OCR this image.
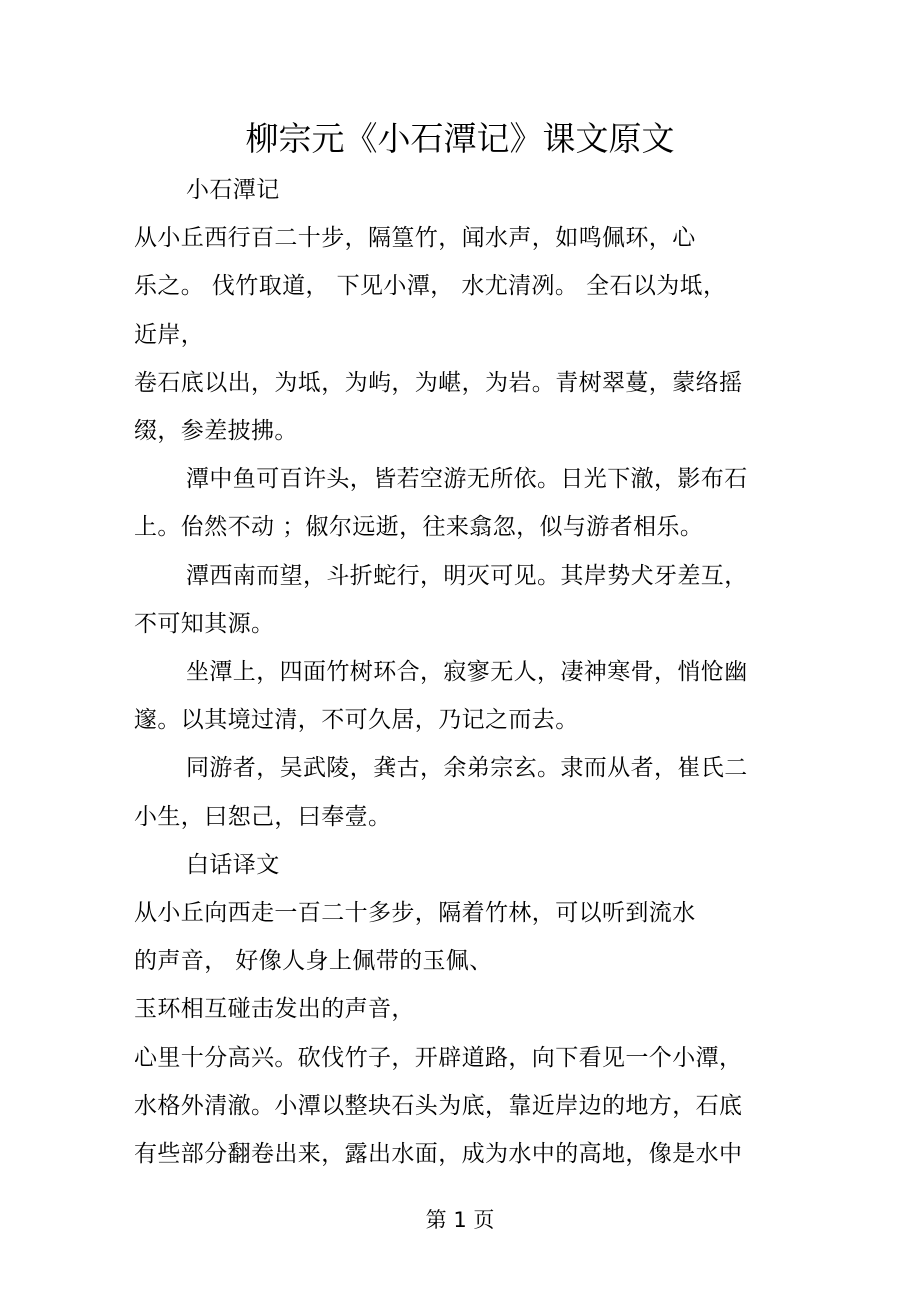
柳宗元《小石潭记》课文原文
小石潭记
从小丘西行百二十步，隔篁竹，闻水声，如鸣佩环，心
乐之。 伐竹取道， 下见小潭， 水尤清冽。 全石以为坻，
近岸，
卷石底以出，为坻，为屿，为嵁，为岩。青树翠蔓，蒙络摇
缀，参差披拂。
潭中鱼可百许头，皆若空游无所依。日光下澈，影布石
上。佁然不动 ；俶尔远逝，往来翕忽，似与游者相乐。
潭西南而望，斗折蛇行，明灭可见。其岸势犬牙差互，
不可知其源。
坐潭上，四面竹树环合，寂寥无人，凄神寒骨，悄怆幽
邃。以其境过清，不可久居，乃记之而去。
同游者，吴武陵，龚古，余弟宗玄。隶而从者，崔氏二
小生，曰恕己，曰奉壹。
白话译文
从小丘向西走一百二十多步，隔着竹林，可以听到流水
的声音， 好像人身上佩带的玉佩、
玉环相互碰击发出的声音，
心里十分高兴。砍伐竹子，开辟道路，向下看见一个小潭，
水格外清澈。小潭以整块石头为底，靠近岸边的地方，石底
有些部分翻卷出来，露出水面，成为水中的高地，像是水中
第 1 页
